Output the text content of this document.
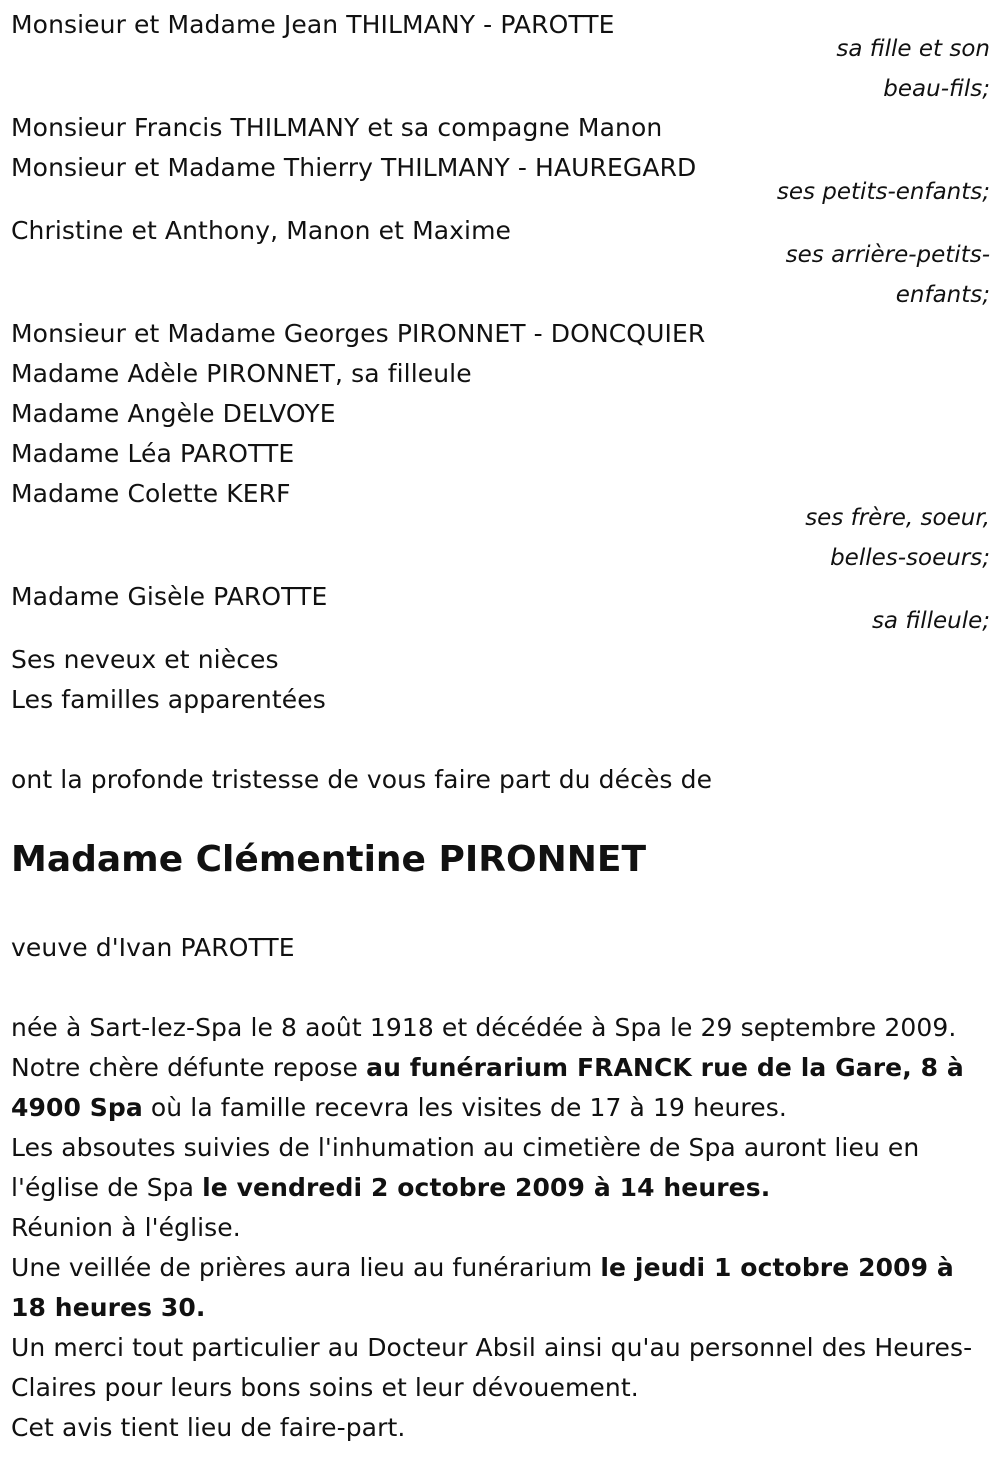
Monsieur et Madame Jean THILMANY - PAROTTE
sa fille et son
beau-fils;
Monsieur Francis THILMANY et sa compagne Manon
Monsieur et Madame Thierry THILMANY - HAUREGARD
ses petits-enfants;
Christine et Anthony, Manon et Maxime
ses arrière-petits-
enfants;
Monsieur et Madame Georges PIRONNET - DONCQUIER
Madame Adèle PIRONNET, sa filleule
Madame Angèle DELVOYE
Madame Léa PAROTTE
Madame Colette KERF
ses frère, soeur,
belles-soeurs;
Madame Gisèle PAROTTE
sa filleule;
Ses neveux et nièces
Les familles apparentées
ont la profonde tristesse de vous faire part du décès de
Madame Clémentine PIRONNET
veuve d'Ivan PAROTTE
née à Sart-lez-Spa le 8 août 1918 et décédée à Spa le 29 septembre 2009.
Notre chère défunte repose au funérarium FRANCK rue de la Gare, 8 à 4900 Spa où la famille recevra les visites de 17 à 19 heures.
Les absoutes suivies de l'inhumation au cimetière de Spa auront lieu en l'église de Spa le vendredi 2 octobre 2009 à 14 heures.
Réunion à l'église.
Une veillée de prières aura lieu au funérarium le jeudi 1 octobre 2009 à 18 heures 30.
Un merci tout particulier au Docteur Absil ainsi qu'au personnel des Heures-Claires pour leurs bons soins et leur dévouement.
Cet avis tient lieu de faire-part.
